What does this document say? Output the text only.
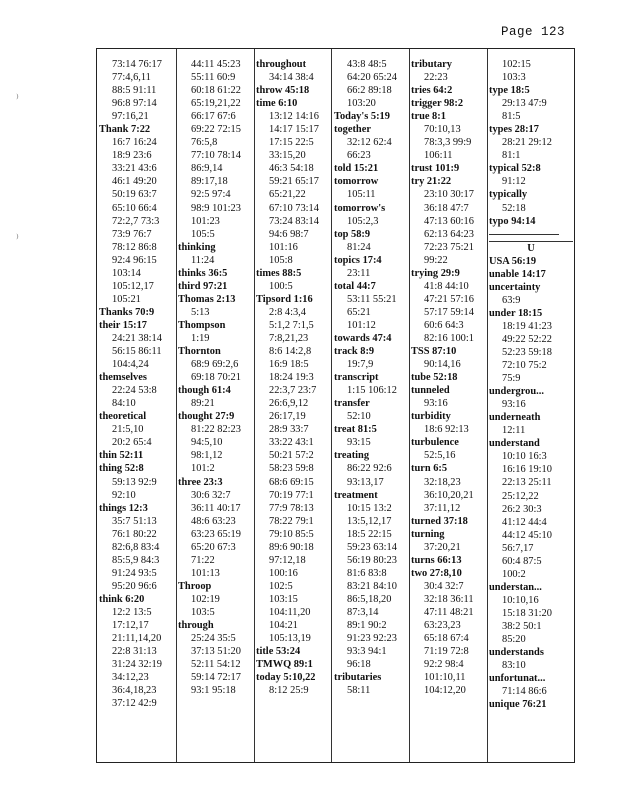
Page 123
⁾
⁾
73:14 76:17
77:4,6,11
88:5 91:11
96:8 97:14
97:16,21
Thank 7:22
16:7 16:24
18:9 23:6
33:21 43:6
46:1 49:20
50:19 63:7
65:10 66:4
72:2,7 73:3
73:9 76:7
78:12 86:8
92:4 96:15
103:14
105:12,17
105:21
Thanks 70:9
their 15:17
24:21 38:14
56:15 86:11
104:4,24
themselves
22:24 53:8
84:10
theoretical
21:5,10
20:2 65:4
thin 52:11
thing 52:8
59:13 92:9
92:10
things 12:3
35:7 51:13
76:1 80:22
82:6,8 83:4
85:5,9 84:3
91:24 93:5
95:20 96:6
think 6:20
12:2 13:5
17:12,17
21:11,14,20
22:8 31:13
31:24 32:19
34:12,23
36:4,18,23
37:12 42:9
44:11 45:23
55:11 60:9
60:18 61:22
65:19,21,22
66:17 67:6
69:22 72:15
76:5,8
77:10 78:14
86:9,14
89:17,18
92:5 97:4
98:9 101:23
101:23
105:5
thinking
11:24
thinks 36:5
third 97:21
Thomas 2:13
5:13
Thompson
1:19
Thornton
68:9 69:2,6
69:18 70:21
though 61:4
89:21
thought 27:9
81:22 82:23
94:5,10
98:1,12
101:2
three 23:3
30:6 32:7
36:11 40:17
48:6 63:23
63:23 65:19
65:20 67:3
71:22
101:13
Throop
102:19
103:5
through
25:24 35:5
37:13 51:20
52:11 54:12
59:14 72:17
93:1 95:18
throughout
34:14 38:4
throw 45:18
time 6:10
13:12 14:16
14:17 15:17
17:15 22:5
33:15,20
46:3 54:18
59:21 65:17
65:21,22
67:10 73:14
73:24 83:14
94:6 98:7
101:16
105:8
times 88:5
100:5
Tipsord 1:16
2:8 4:3,4
5:1,2 7:1,5
7:8,21,23
8:6 14:2,8
16:9 18:5
18:24 19:3
22:3,7 23:7
26:6,9,12
26:17,19
28:9 33:7
33:22 43:1
50:21 57:2
58:23 59:8
68:6 69:15
70:19 77:1
77:9 78:13
78:22 79:1
79:10 85:5
89:6 90:18
97:12,18
100:16
102:5
103:15
104:11,20
104:21
105:13,19
title 53:24
TMWQ 89:1
today 5:10,22
8:12 25:9
43:8 48:5
64:20 65:24
66:2 89:18
103:20
Today's 5:19
together
32:12 62:4
66:23
told 15:21
tomorrow
105:11
tomorrow's
105:2,3
top 58:9
81:24
topics 17:4
23:11
total 44:7
53:11 55:21
65:21
101:12
towards 47:4
track 8:9
19:7,9
transcript
1:15 106:12
transfer
52:10
treat 81:5
93:15
treating
86:22 92:6
93:13,17
treatment
10:15 13:2
13:5,12,17
18:5 22:15
59:23 63:14
56:19 80:23
81:6 83:8
83:21 84:10
86:5,18,20
87:3,14
89:1 90:2
91:23 92:23
93:3 94:1
96:18
tributaries
58:11
tributary
22:23
tries 64:2
trigger 98:2
true 8:1
70:10,13
78:3,3 99:9
106:11
trust 101:9
try 21:22
23:10 30:17
36:18 47:7
47:13 60:16
62:13 64:23
72:23 75:21
99:22
trying 29:9
41:8 44:10
47:21 57:16
57:17 59:14
60:6 64:3
82:16 100:1
TSS 87:10
90:14,16
tube 52:18
tunneled
93:16
turbidity
18:6 92:13
turbulence
52:5,16
turn 6:5
32:18,23
36:10,20,21
37:11,12
turned 37:18
turning
37:20,21
turns 66:13
two 27:8,10
30:4 32:7
32:18 36:11
47:11 48:21
63:23,23
65:18 67:4
71:19 72:8
92:2 98:4
101:10,11
104:12,20
102:15
103:3
type 18:5
29:13 47:9
81:5
types 28:17
28:21 29:12
81:1
typical 52:8
91:12
typically
52:18
typo 94:14
U
USA 56:19
unable 14:17
uncertainty
63:9
under 18:15
18:19 41:23
49:22 52:22
52:23 59:18
72:10 75:2
75:9
undergrou...
93:16
underneath
12:11
understand
10:10 16:3
16:16 19:10
22:13 25:11
25:12,22
26:2 30:3
41:12 44:4
44:12 45:10
56:7,17
60:4 87:5
100:2
understan...
10:10,16
15:18 31:20
38:2 50:1
85:20
understands
83:10
unfortunat...
71:14 86:6
unique 76:21
